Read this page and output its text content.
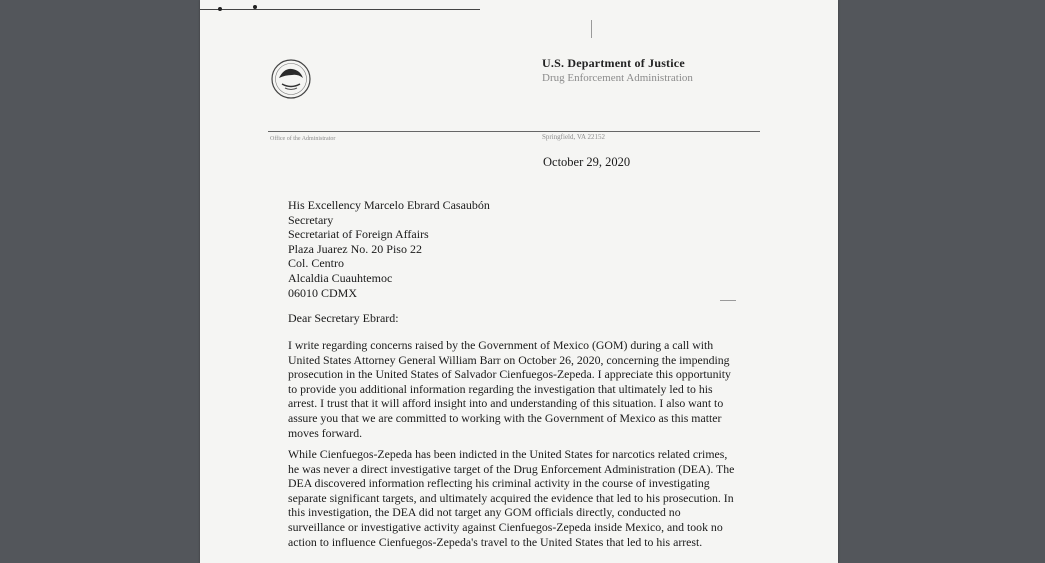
U.S. Department of Justice
Drug Enforcement Administration
Office of the Administrator	Springfield, VA 22152
October 29, 2020
His Excellency Marcelo Ebrard Casaubón
Secretary
Secretariat of Foreign Affairs
Plaza Juarez No. 20 Piso 22
Col. Centro
Alcaldia Cuauhtemoc
06010 CDMX
Dear Secretary Ebrard:
I write regarding concerns raised by the Government of Mexico (GOM) during a call with
United States Attorney General William Barr on October 26, 2020, concerning the impending
prosecution in the United States of Salvador Cienfuegos-Zepeda. I appreciate this opportunity
to provide you additional information regarding the investigation that ultimately led to his
arrest. I trust that it will afford insight into and understanding of this situation. I also want to
assure you that we are committed to working with the Government of Mexico as this matter
moves forward.
While Cienfuegos-Zepeda has been indicted in the United States for narcotics related crimes,
he was never a direct investigative target of the Drug Enforcement Administration (DEA). The
DEA discovered information reflecting his criminal activity in the course of investigating
separate significant targets, and ultimately acquired the evidence that led to his prosecution. In
this investigation, the DEA did not target any GOM officials directly, conducted no
surveillance or investigative activity against Cienfuegos-Zepeda inside Mexico, and took no
action to influence Cienfuegos-Zepeda's travel to the United States that led to his arrest.
